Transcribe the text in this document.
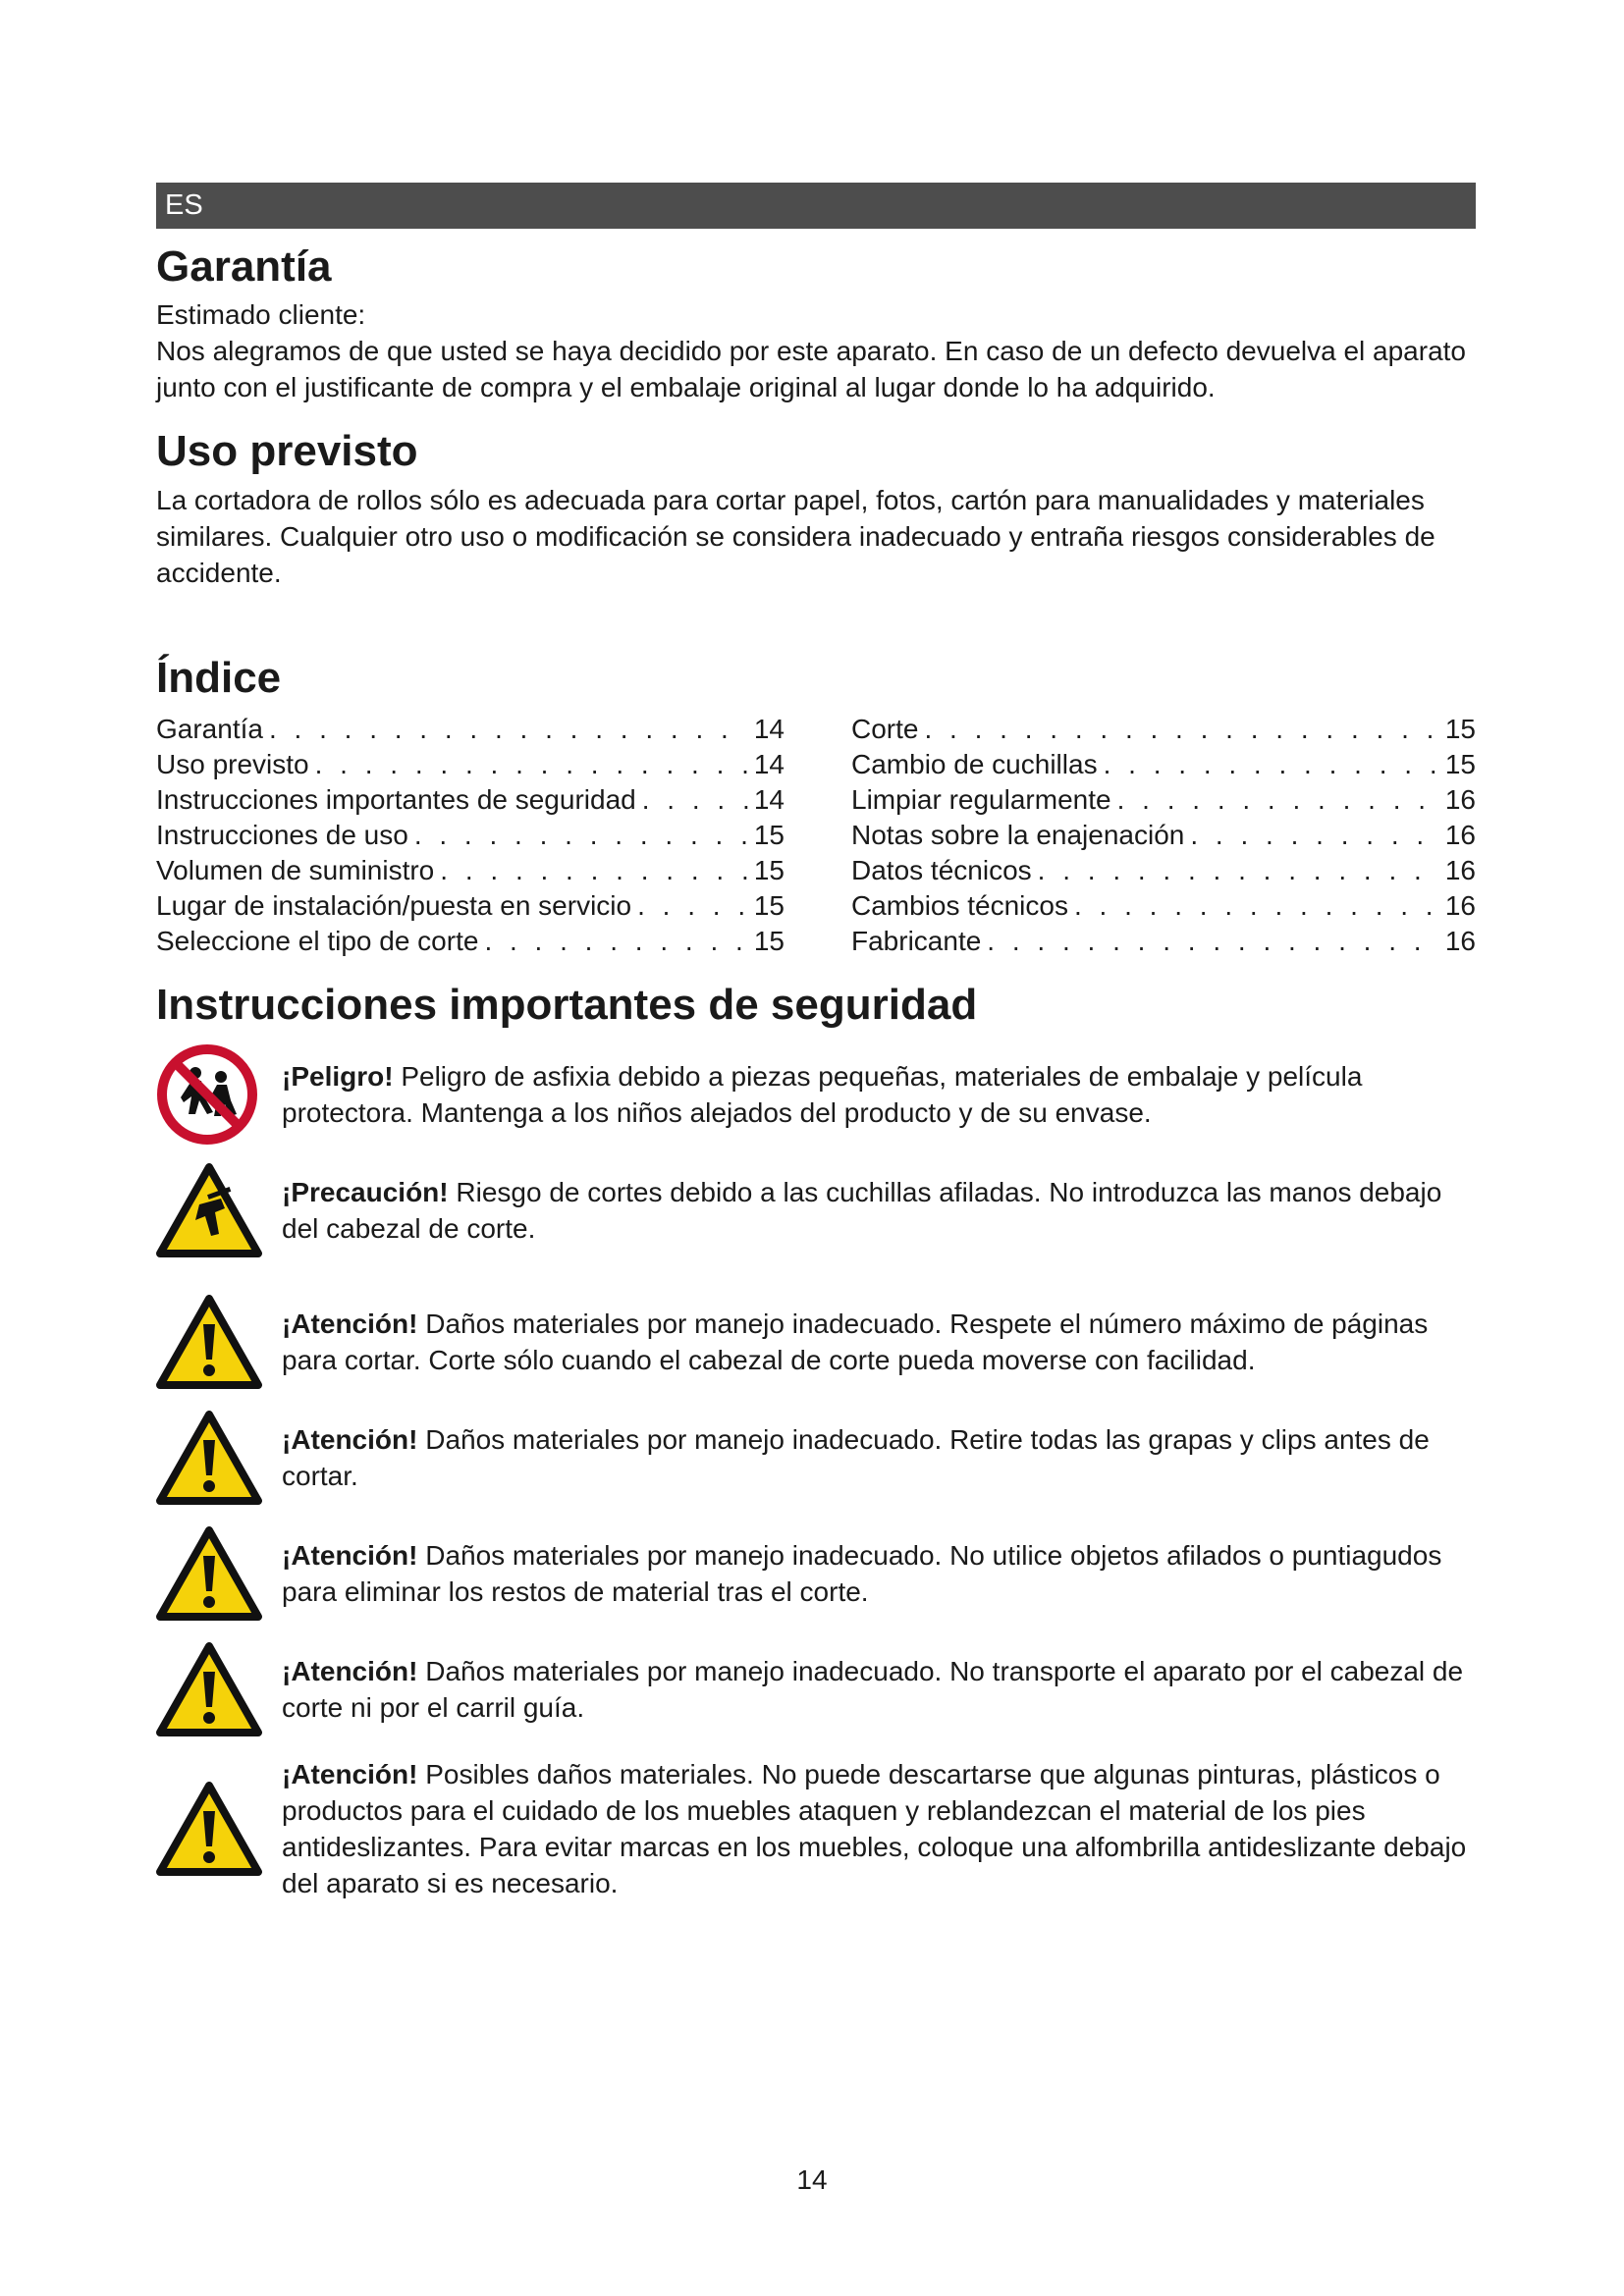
ES
Garantía

Estimado cliente:

Nos alegramos de que usted se haya decidido por este aparato. En caso de un defecto devuelva el aparato junto con el justificante de compra y el embalaje original al lugar donde lo ha adquirido.

Uso previsto

La cortadora de rollos sólo es adecuada para cortar papel, fotos, cartón para manualidades y materiales similares. Cualquier otro uso o modificación se considera inadecuado y entraña riesgos considerables de accidente.

Índice
Garantía . . .	14
Uso previsto . . .	14
Instrucciones importantes de seguridad . . .	14
Instrucciones de uso . . .	15
Volumen de suministro . . .	15
Lugar de instalación/puesta en servicio . . .	15
Seleccione el tipo de corte . . .	15
Corte . . .	15
Cambio de cuchillas . . .	15
Limpiar regularmente . . .	16
Notas sobre la enajenación . . .	16
Datos técnicos . . .	16
Cambios técnicos . . .	16
Fabricante . . .	16
Instrucciones importantes de seguridad
¡Peligro! Peligro de asfixia debido a piezas pequeñas, materiales de embalaje y película protectora. Mantenga a los niños alejados del producto y de su envase.
¡Precaución! Riesgo de cortes debido a las cuchillas afiladas. No introduzca las manos debajo del cabezal de corte.
¡Atención! Daños materiales por manejo inadecuado. Respete el número máximo de páginas para cortar. Corte sólo cuando el cabezal de corte pueda moverse con facilidad.
¡Atención! Daños materiales por manejo inadecuado. Retire todas las grapas y clips antes de cortar.
¡Atención! Daños materiales por manejo inadecuado. No utilice objetos afilados o puntiagudos para eliminar los restos de material tras el corte.
¡Atención! Daños materiales por manejo inadecuado. No transporte el aparato por el cabezal de corte ni por el carril guía.
¡Atención! Posibles daños materiales. No puede descartarse que algunas pinturas, plásticos o productos para el cuidado de los muebles ataquen y reblandezcan el material de los pies antideslizantes. Para evitar marcas en los muebles, coloque una alfombrilla antideslizante debajo del aparato si es necesario.
14
